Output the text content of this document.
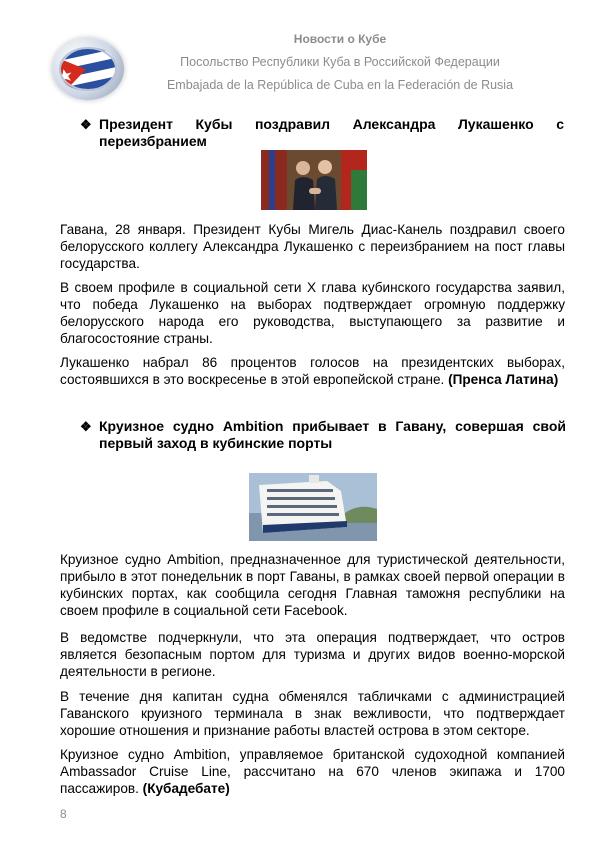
Новости о Кубе
Посольство Республики Куба в Российской Федерации
Embajada de la República de Cuba en la Federación de Rusia
❖ Президент Кубы поздравил Александра Лукашенко с переизбранием

Гавана, 28 января. Президент Кубы Мигель Диас-Канель поздравил своего белорусского коллегу Александра Лукашенко с переизбранием на пост главы государства.

В своем профиле в социальной сети X глава кубинского государства заявил, что победа Лукашенко на выборах подтверждает огромную поддержку белорусского народа его руководства, выступающего за развитие и благосостояние страны.

Лукашенко набрал 86 процентов голосов на президентских выборах, состоявшихся в это воскресенье в этой европейской стране. (Пренса Латина)

❖ Круизное судно Ambition прибывает в Гавану, совершая свой первый заход в кубинские порты

Круизное судно Ambition, предназначенное для туристической деятельности, прибыло в этот понедельник в порт Гаваны, в рамках своей первой операции в кубинских портах, как сообщила сегодня Главная таможня республики на своем профиле в социальной сети Facebook.

В ведомстве подчеркнули, что эта операция подтверждает, что остров является безопасным портом для туризма и других видов военно-морской деятельности в регионе.

В течение дня капитан судна обменялся табличками с администрацией Гаванского круизного терминала в знак вежливости, что подтверждает хорошие отношения и признание работы властей острова в этом секторе.

Круизное судно Ambition, управляемое британской судоходной компанией Ambassador Cruise Line, рассчитано на 670 членов экипажа и 1700 пассажиров. (Кубадебате)

8
